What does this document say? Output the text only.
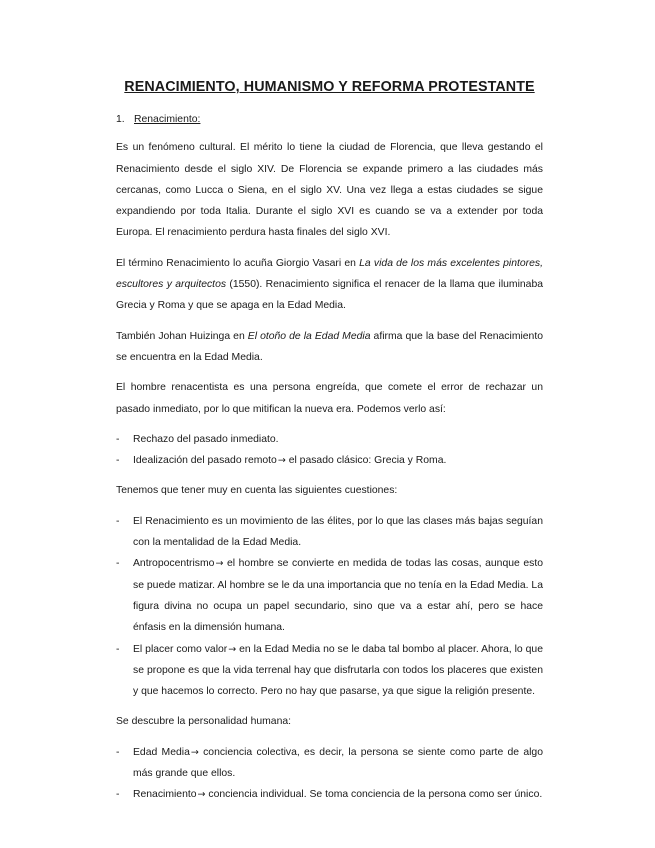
RENACIMIENTO, HUMANISMO Y REFORMA PROTESTANTE
1. Renacimiento:

Es un fenómeno cultural. El mérito lo tiene la ciudad de Florencia, que lleva gestando el Renacimiento desde el siglo XIV. De Florencia se expande primero a las ciudades más cercanas, como Lucca o Siena, en el siglo XV. Una vez llega a estas ciudades se sigue expandiendo por toda Italia. Durante el siglo XVI es cuando se va a extender por toda Europa. El renacimiento perdura hasta finales del siglo XVI.

El término Renacimiento lo acuña Giorgio Vasari en La vida de los más excelentes pintores, escultores y arquitectos (1550). Renacimiento significa el renacer de la llama que iluminaba Grecia y Roma y que se apaga en la Edad Media.

También Johan Huizinga en El otoño de la Edad Media afirma que la base del Renacimiento se encuentra en la Edad Media.

El hombre renacentista es una persona engreída, que comete el error de rechazar un pasado inmediato, por lo que mitifican la nueva era. Podemos verlo así:

- Rechazo del pasado inmediato.
- Idealización del pasado remoto→ el pasado clásico: Grecia y Roma.

Tenemos que tener muy en cuenta las siguientes cuestiones:

- El Renacimiento es un movimiento de las élites, por lo que las clases más bajas seguían con la mentalidad de la Edad Media.
- Antropocentrismo→ el hombre se convierte en medida de todas las cosas, aunque esto se puede matizar. Al hombre se le da una importancia que no tenía en la Edad Media. La figura divina no ocupa un papel secundario, sino que va a estar ahí, pero se hace énfasis en la dimensión humana.
- El placer como valor→ en la Edad Media no se le daba tal bombo al placer. Ahora, lo que se propone es que la vida terrenal hay que disfrutarla con todos los placeres que existen y que hacemos lo correcto. Pero no hay que pasarse, ya que sigue la religión presente.

Se descubre la personalidad humana:

- Edad Media→ conciencia colectiva, es decir, la persona se siente como parte de algo más grande que ellos.
- Renacimiento→ conciencia individual. Se toma conciencia de la persona como ser único.
